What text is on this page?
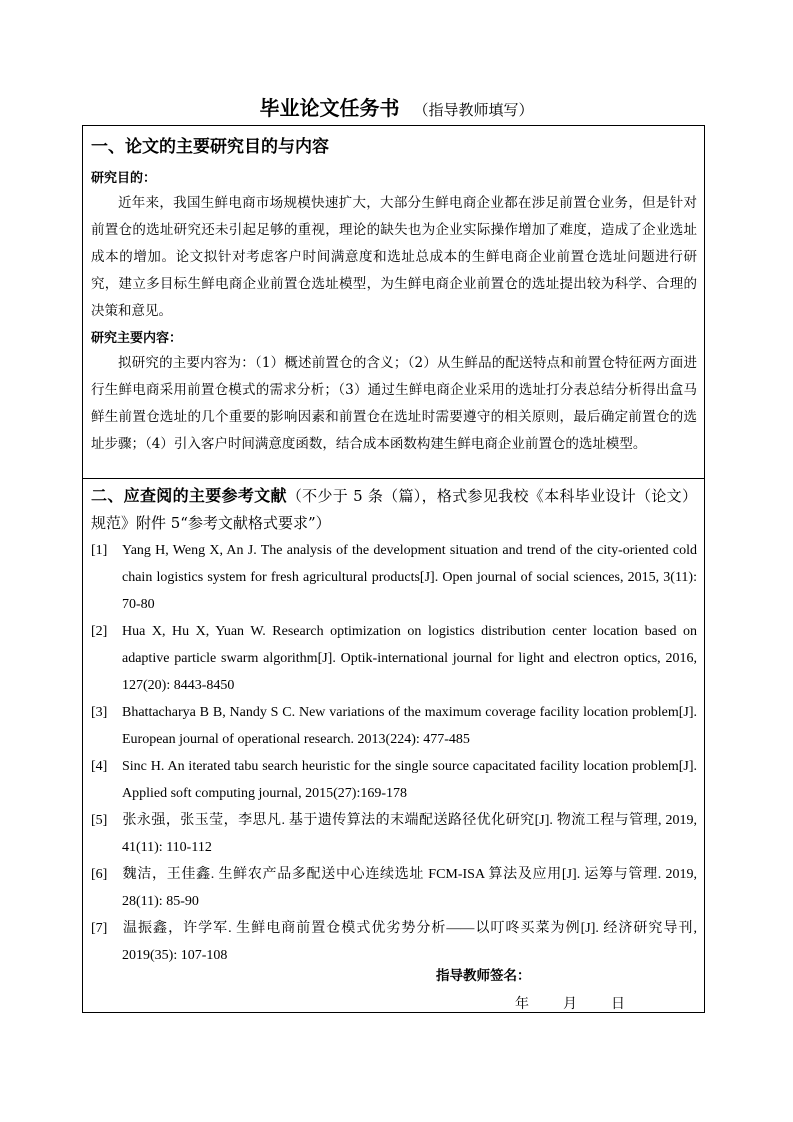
毕业论文任务书 （指导教师填写）
一、论文的主要研究目的与内容
研究目的：
近年来，我国生鲜电商市场规模快速扩大，大部分生鲜电商企业都在涉足前置仓业务，但是针对前置仓的选址研究还未引起足够的重视，理论的缺失也为企业实际操作增加了难度，造成了企业选址成本的增加。论文拟针对考虑客户时间满意度和选址总成本的生鲜电商企业前置仓选址问题进行研究，建立多目标生鲜电商企业前置仓选址模型，为生鲜电商企业前置仓的选址提出较为科学、合理的决策和意见。
研究主要内容：
拟研究的主要内容为：（1）概述前置仓的含义；（2）从生鲜品的配送特点和前置仓特征两方面进行生鲜电商采用前置仓模式的需求分析；（3）通过生鲜电商企业采用的选址打分表总结分析得出盒马鲜生前置仓选址的几个重要的影响因素和前置仓在选址时需要遵守的相关原则，最后确定前置仓的选址步骤；（4）引入客户时间满意度函数，结合成本函数构建生鲜电商企业前置仓的选址模型。
二、应查阅的主要参考文献（不少于 5 条（篇），格式参见我校《本科毕业设计（论文）规范》附件 5“参考文献格式要求”）
[1] Yang H, Weng X, An J. The analysis of the development situation and trend of the city-oriented cold chain logistics system for fresh agricultural products[J]. Open journal of social sciences, 2015, 3(11): 70-80
[2] Hua X, Hu X, Yuan W. Research optimization on logistics distribution center location based on adaptive particle swarm algorithm[J]. Optik-international journal for light and electron optics, 2016, 127(20): 8443-8450
[3] Bhattacharya B B, Nandy S C. New variations of the maximum coverage facility location problem[J]. European journal of operational research. 2013(224): 477-485
[4] Sinc H. An iterated tabu search heuristic for the single source capacitated facility location problem[J]. Applied soft computing journal, 2015(27):169-178
[5] 张永强，张玉莹，李思凡. 基于遗传算法的末端配送路径优化研究[J]. 物流工程与管理, 2019, 41(11): 110-112
[6] 魏洁，王佳鑫. 生鲜农产品多配送中心连续选址 FCM-ISA 算法及应用[J]. 运筹与管理. 2019, 28(11): 85-90
[7] 温振鑫，许学军. 生鲜电商前置仓模式优劣势分析——以叮咚买菜为例[J]. 经济研究导刊, 2019(35): 107-108
指导教师签名：
年 月 日
